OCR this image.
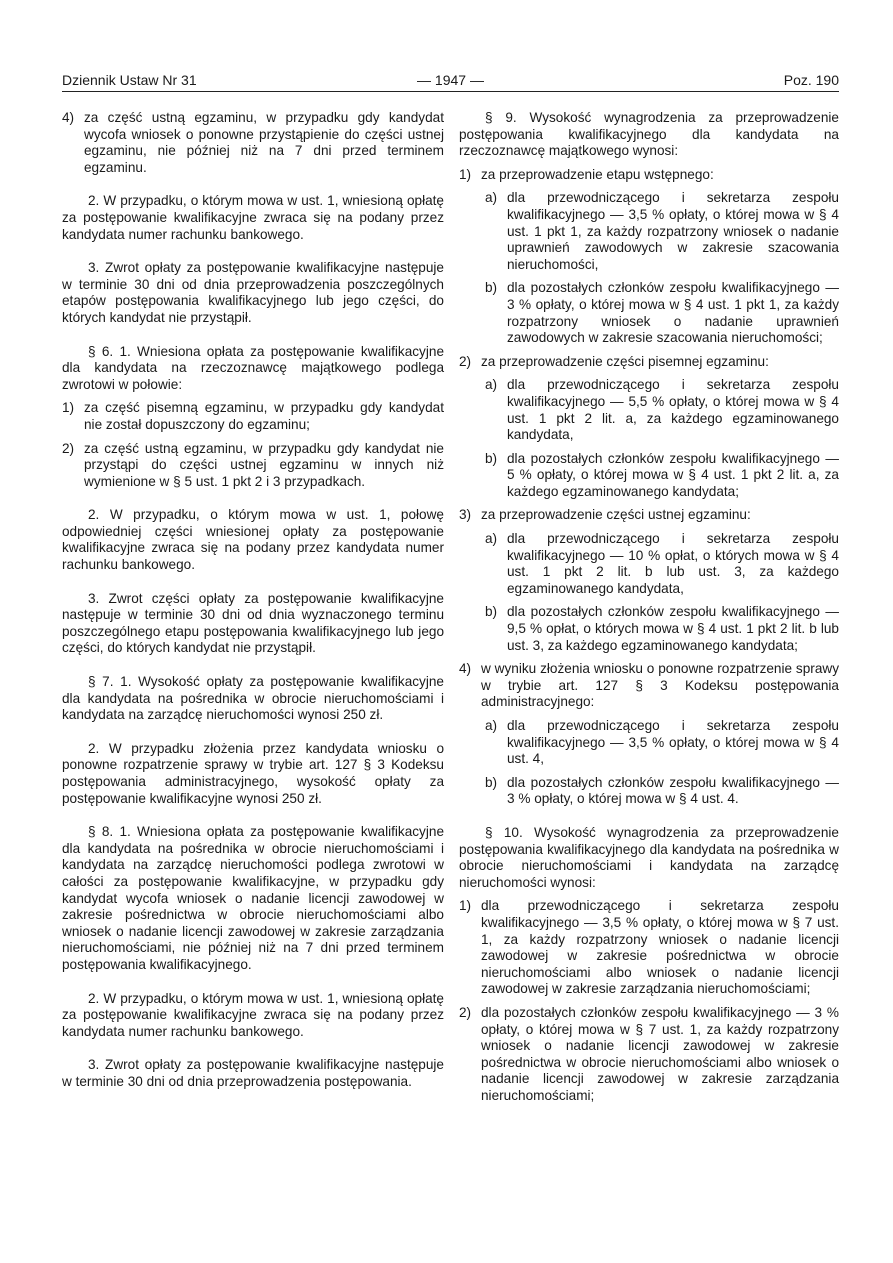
Dziennik Ustaw Nr 31	— 1947 —	Poz. 190
4) za część ustną egzaminu, w przypadku gdy kandydat wycofa wniosek o ponowne przystąpienie do części ustnej egzaminu, nie później niż na 7 dni przed terminem egzaminu.

2. W przypadku, o którym mowa w ust. 1, wniesioną opłatę za postępowanie kwalifikacyjne zwraca się na podany przez kandydata numer rachunku bankowego.

3. Zwrot opłaty za postępowanie kwalifikacyjne następuje w terminie 30 dni od dnia przeprowadzenia poszczególnych etapów postępowania kwalifikacyjnego lub jego części, do których kandydat nie przystąpił.

§ 6. 1. Wniesiona opłata za postępowanie kwalifikacyjne dla kandydata na rzeczoznawcę majątkowego podlega zwrotowi w połowie:

1) za część pisemną egzaminu, w przypadku gdy kandydat nie został dopuszczony do egzaminu;
2) za część ustną egzaminu, w przypadku gdy kandydat nie przystąpi do części ustnej egzaminu w innych niż wymienione w § 5 ust. 1 pkt 2 i 3 przypadkach.

2. W przypadku, o którym mowa w ust. 1, połowę odpowiedniej części wniesionej opłaty za postępowanie kwalifikacyjne zwraca się na podany przez kandydata numer rachunku bankowego.

3. Zwrot części opłaty za postępowanie kwalifikacyjne następuje w terminie 30 dni od dnia wyznaczonego terminu poszczególnego etapu postępowania kwalifikacyjnego lub jego części, do których kandydat nie przystąpił.

§ 7. 1. Wysokość opłaty za postępowanie kwalifikacyjne dla kandydata na pośrednika w obrocie nieruchomościami i kandydata na zarządcę nieruchomości wynosi 250 zł.

2. W przypadku złożenia przez kandydata wniosku o ponowne rozpatrzenie sprawy w trybie art. 127 § 3 Kodeksu postępowania administracyjnego, wysokość opłaty za postępowanie kwalifikacyjne wynosi 250 zł.

§ 8. 1. Wniesiona opłata za postępowanie kwalifikacyjne dla kandydata na pośrednika w obrocie nieruchomościami i kandydata na zarządcę nieruchomości podlega zwrotowi w całości za postępowanie kwalifikacyjne, w przypadku gdy kandydat wycofa wniosek o nadanie licencji zawodowej w zakresie pośrednictwa w obrocie nieruchomościami albo wniosek o nadanie licencji zawodowej w zakresie zarządzania nieruchomościami, nie później niż na 7 dni przed terminem postępowania kwalifikacyjnego.

2. W przypadku, o którym mowa w ust. 1, wniesioną opłatę za postępowanie kwalifikacyjne zwraca się na podany przez kandydata numer rachunku bankowego.

3. Zwrot opłaty za postępowanie kwalifikacyjne następuje w terminie 30 dni od dnia przeprowadzenia postępowania.

§ 9. Wysokość wynagrodzenia za przeprowadzenie postępowania kwalifikacyjnego dla kandydata na rzeczoznawcę majątkowego wynosi:

1) za przeprowadzenie etapu wstępnego:
a) dla przewodniczącego i sekretarza zespołu kwalifikacyjnego — 3,5 % opłaty, o której mowa w § 4 ust. 1 pkt 1, za każdy rozpatrzony wniosek o nadanie uprawnień zawodowych w zakresie szacowania nieruchomości,
b) dla pozostałych członków zespołu kwalifikacyjnego — 3 % opłaty, o której mowa w § 4 ust. 1 pkt 1, za każdy rozpatrzony wniosek o nadanie uprawnień zawodowych w zakresie szacowania nieruchomości;
2) za przeprowadzenie części pisemnej egzaminu:
a) dla przewodniczącego i sekretarza zespołu kwalifikacyjnego — 5,5 % opłaty, o której mowa w § 4 ust. 1 pkt 2 lit. a, za każdego egzaminowanego kandydata,
b) dla pozostałych członków zespołu kwalifikacyjnego — 5 % opłaty, o której mowa w § 4 ust. 1 pkt 2 lit. a, za każdego egzaminowanego kandydata;
3) za przeprowadzenie części ustnej egzaminu:
a) dla przewodniczącego i sekretarza zespołu kwalifikacyjnego — 10 % opłat, o których mowa w § 4 ust. 1 pkt 2 lit. b lub ust. 3, za każdego egzaminowanego kandydata,
b) dla pozostałych członków zespołu kwalifikacyjnego — 9,5 % opłat, o których mowa w § 4 ust. 1 pkt 2 lit. b lub ust. 3, za każdego egzaminowanego kandydata;
4) w wyniku złożenia wniosku o ponowne rozpatrzenie sprawy w trybie art. 127 § 3 Kodeksu postępowania administracyjnego:
a) dla przewodniczącego i sekretarza zespołu kwalifikacyjnego — 3,5 % opłaty, o której mowa w § 4 ust. 4,
b) dla pozostałych członków zespołu kwalifikacyjnego — 3 % opłaty, o której mowa w § 4 ust. 4.

§ 10. Wysokość wynagrodzenia za przeprowadzenie postępowania kwalifikacyjnego dla kandydata na pośrednika w obrocie nieruchomościami i kandydata na zarządcę nieruchomości wynosi:

1) dla przewodniczącego i sekretarza zespołu kwalifikacyjnego — 3,5 % opłaty, o której mowa w § 7 ust. 1, za każdy rozpatrzony wniosek o nadanie licencji zawodowej w zakresie pośrednictwa w obrocie nieruchomościami albo wniosek o nadanie licencji zawodowej w zakresie zarządzania nieruchomościami;
2) dla pozostałych członków zespołu kwalifikacyjnego — 3 % opłaty, o której mowa w § 7 ust. 1, za każdy rozpatrzony wniosek o nadanie licencji zawodowej w zakresie pośrednictwa w obrocie nieruchomościami albo wniosek o nadanie licencji zawodowej w zakresie zarządzania nieruchomościami;
